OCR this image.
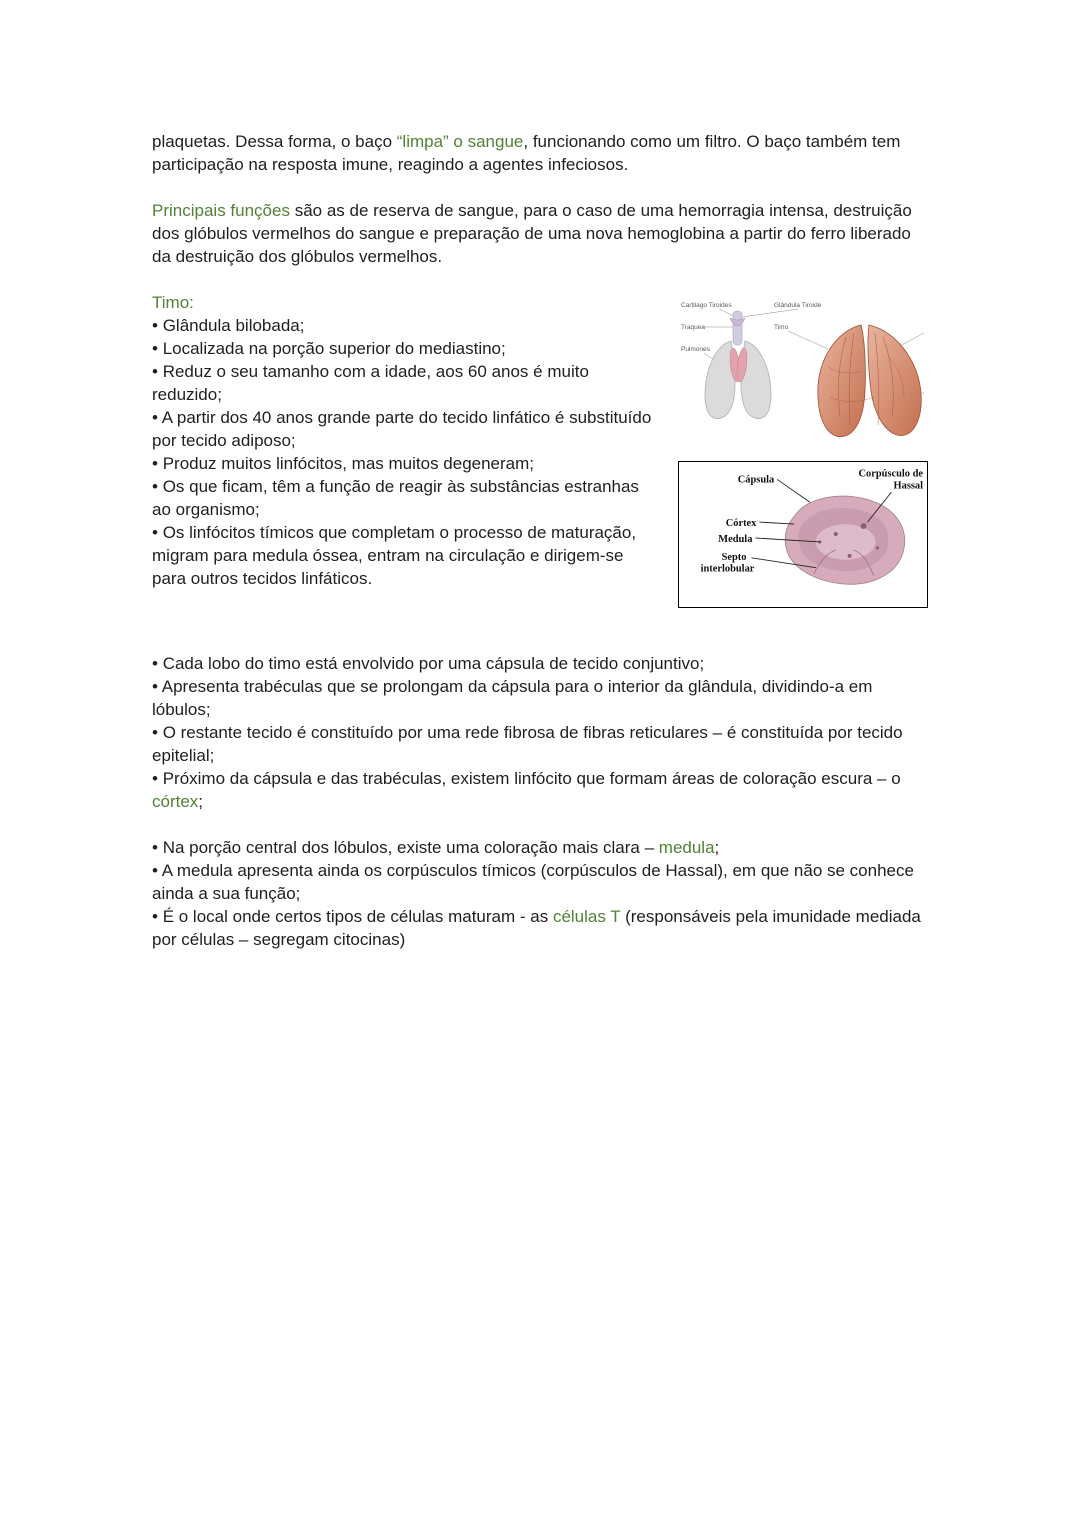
plaquetas. Dessa forma, o baço “limpa” o sangue, funcionando como um filtro. O baço também tem participação na resposta imune, reagindo a agentes infeciosos.

Principais funções são as de reserva de sangue, para o caso de uma hemorragia intensa, destruição dos glóbulos vermelhos do sangue e preparação de uma nova hemoglobina a partir do ferro liberado da destruição dos glóbulos vermelhos.

Timo:

• Glândula bilobada;
• Localizada na porção superior do mediastino;
• Reduz o seu tamanho com a idade, aos 60 anos é muito reduzido;
• A partir dos 40 anos grande parte do tecido linfático é substituído por tecido adiposo;
• Produz muitos linfócitos, mas muitos degeneram;
• Os que ficam, têm a função de reagir às substâncias estranhas ao organismo;
• Os linfócitos tímicos que completam o processo de maturação, migram para medula óssea, entram na circulação e dirigem-se para outros tecidos linfáticos.
Cartilago Tiroides	Glândula Tiroide
Traquea	Timo
Pulmones
Cápsula
Corpúsculo de
Hassal
Córtex
Medula
Septo
interlobular
• Cada lobo do timo está envolvido por uma cápsula de tecido conjuntivo;
• Apresenta trabéculas que se prolongam da cápsula para o interior da glândula, dividindo-a em lóbulos;
• O restante tecido é constituído por uma rede fibrosa de fibras reticulares – é constituída por tecido epitelial;
• Próximo da cápsula e das trabéculas, existem linfócito que formam áreas de coloração escura – o córtex;
• Na porção central dos lóbulos, existe uma coloração mais clara – medula;
• A medula apresenta ainda os corpúsculos tímicos (corpúsculos de Hassal), em que não se conhece ainda a sua função;
• É o local onde certos tipos de células maturam - as células T (responsáveis pela imunidade mediada por células – segregam citocinas)
